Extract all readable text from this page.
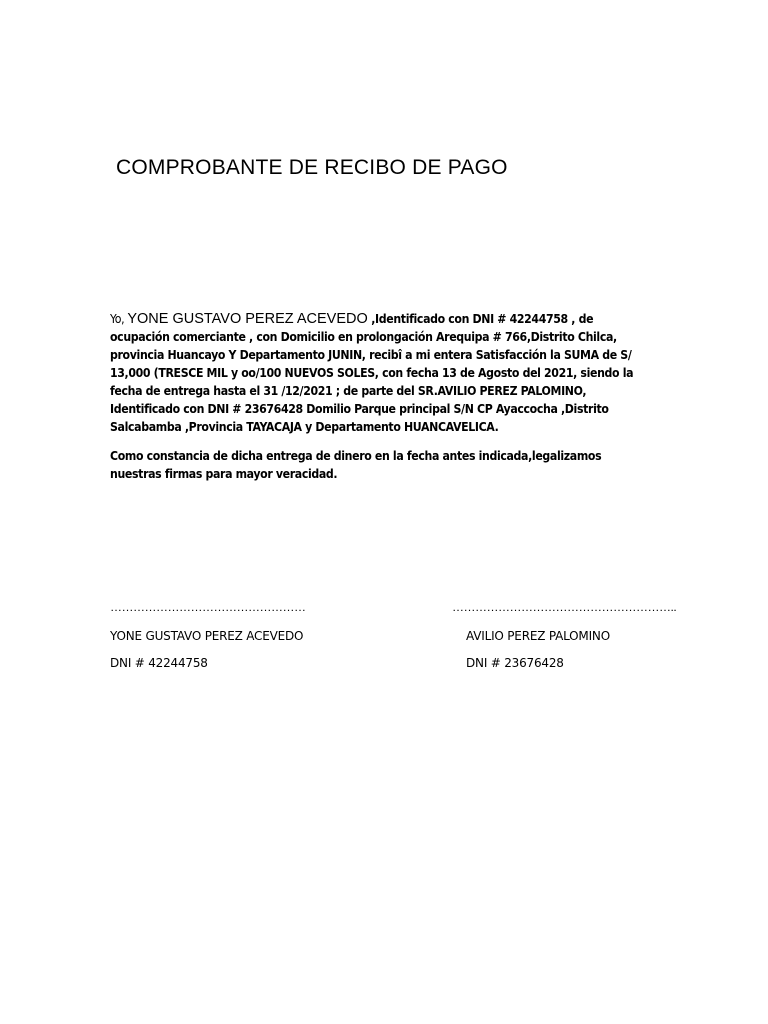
COMPROBANTE DE RECIBO DE PAGO

Yo, YONE GUSTAVO PEREZ ACEVEDO ,Identificado con DNI # 42244758 , de ocupación comerciante , con Domicilio en prolongación Arequipa # 766,Distrito Chilca, provincia Huancayo Y Departamento JUNIN, recibî a mi entera Satisfacción la SUMA de S/ 13,000 (TRESCE MIL y oo/100 NUEVOS SOLES, con fecha 13 de Agosto del 2021, siendo la fecha de entrega hasta el 31 /12/2021 ; de parte del SR.AVILIO PEREZ PALOMINO, Identificado con DNI # 23676428 Domilio Parque principal S/N CP Ayaccocha ,Distrito Salcabamba ,Provincia TAYACAJA y Departamento HUANCAVELICA.

Como constancia de dicha entrega de dinero en la fecha antes indicada,legalizamos nuestras firmas para mayor veracidad.

……………………………………………	…………………………………………………..
YONE GUSTAVO PEREZ ACEVEDO	AVILIO PEREZ PALOMINO
DNI # 42244758	DNI # 23676428
